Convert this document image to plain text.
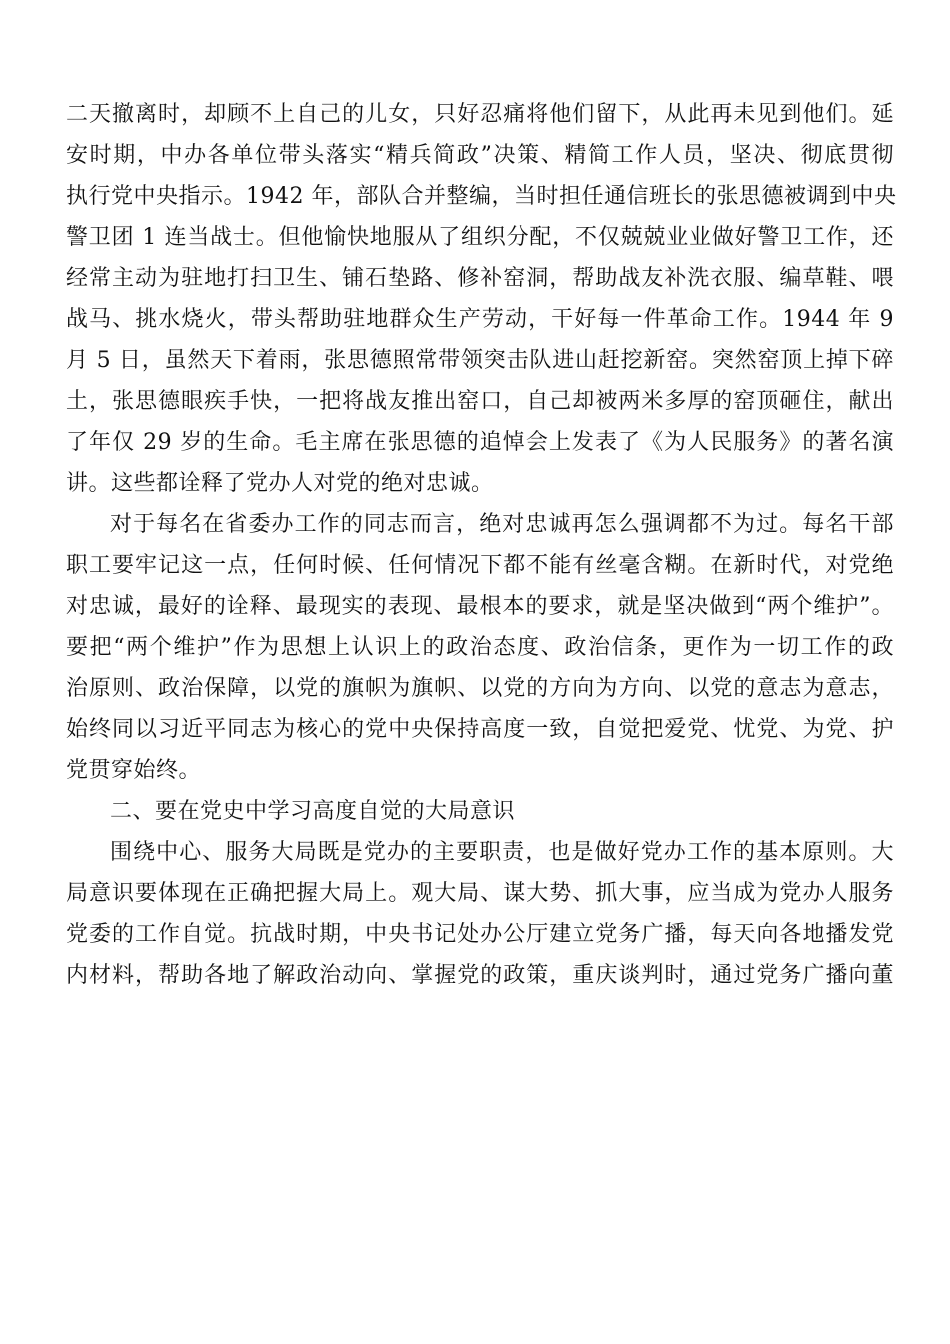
二天撤离时，却顾不上自己的儿女，只好忍痛将他们留下，从此再未见到他们。延
安时期，中办各单位带头落实“精兵简政”决策、精简工作人员，坚决、彻底贯彻
执行党中央指示。1942 年，部队合并整编，当时担任通信班长的张思德被调到中央
警卫团 1 连当战士。但他愉快地服从了组织分配，不仅兢兢业业做好警卫工作，还
经常主动为驻地打扫卫生、铺石垫路、修补窑洞，帮助战友补洗衣服、编草鞋、喂
战马、挑水烧火，带头帮助驻地群众生产劳动，干好每一件革命工作。1944 年 9
月 5 日，虽然天下着雨，张思德照常带领突击队进山赶挖新窑。突然窑顶上掉下碎
土，张思德眼疾手快，一把将战友推出窑口，自己却被两米多厚的窑顶砸住，献出
了年仅 29 岁的生命。毛主席在张思德的追悼会上发表了《为人民服务》的著名演
讲。这些都诠释了党办人对党的绝对忠诚。
对于每名在省委办工作的同志而言，绝对忠诚再怎么强调都不为过。每名干部
职工要牢记这一点，任何时候、任何情况下都不能有丝毫含糊。在新时代，对党绝
对忠诚，最好的诠释、最现实的表现、最根本的要求，就是坚决做到“两个维护”。
要把“两个维护”作为思想上认识上的政治态度、政治信条，更作为一切工作的政
治原则、政治保障，以党的旗帜为旗帜、以党的方向为方向、以党的意志为意志，
始终同以习近平同志为核心的党中央保持高度一致，自觉把爱党、忧党、为党、护
党贯穿始终。
二、要在党史中学习高度自觉的大局意识
围绕中心、服务大局既是党办的主要职责，也是做好党办工作的基本原则。大
局意识要体现在正确把握大局上。观大局、谋大势、抓大事，应当成为党办人服务
党委的工作自觉。抗战时期，中央书记处办公厅建立党务广播，每天向各地播发党
内材料，帮助各地了解政治动向、掌握党的政策，重庆谈判时，通过党务广播向董
